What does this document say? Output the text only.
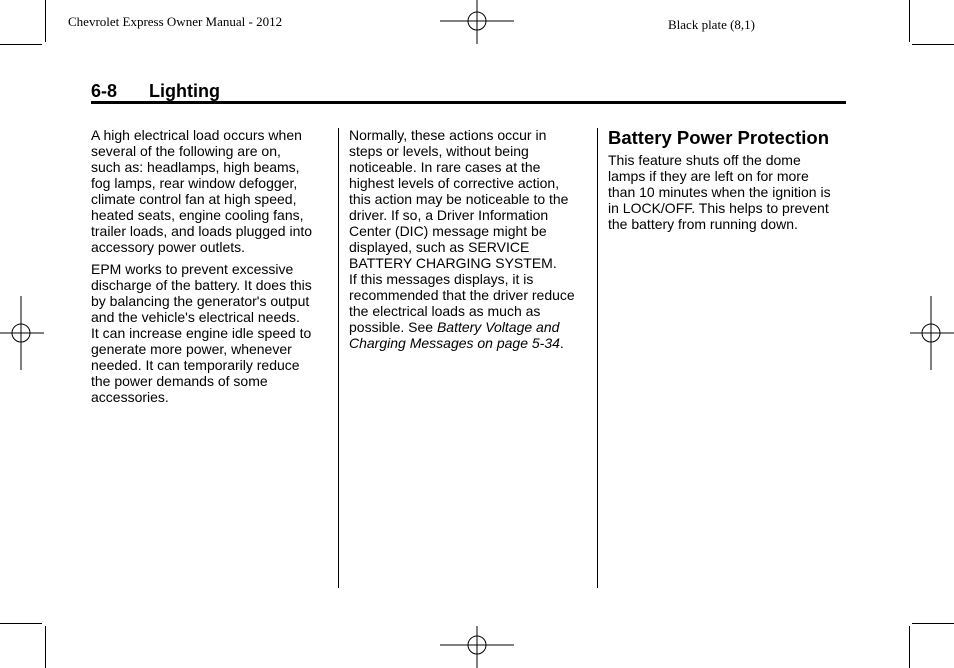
Chevrolet Express Owner Manual - 2012	Black plate (8,1)
6-8 Lighting

A high electrical load occurs when
several of the following are on,
such as: headlamps, high beams,
fog lamps, rear window defogger,
climate control fan at high speed,
heated seats, engine cooling fans,
trailer loads, and loads plugged into
accessory power outlets.

EPM works to prevent excessive
discharge of the battery. It does this
by balancing the generator's output
and the vehicle's electrical needs.
It can increase engine idle speed to
generate more power, whenever
needed. It can temporarily reduce
the power demands of some
accessories.

Normally, these actions occur in
steps or levels, without being
noticeable. In rare cases at the
highest levels of corrective action,
this action may be noticeable to the
driver. If so, a Driver Information
Center (DIC) message might be
displayed, such as SERVICE
BATTERY CHARGING SYSTEM.
If this messages displays, it is
recommended that the driver reduce
the electrical loads as much as
possible. See Battery Voltage and
Charging Messages on page 5-34.

Battery Power Protection

This feature shuts off the dome
lamps if they are left on for more
than 10 minutes when the ignition is
in LOCK/OFF. This helps to prevent
the battery from running down.
